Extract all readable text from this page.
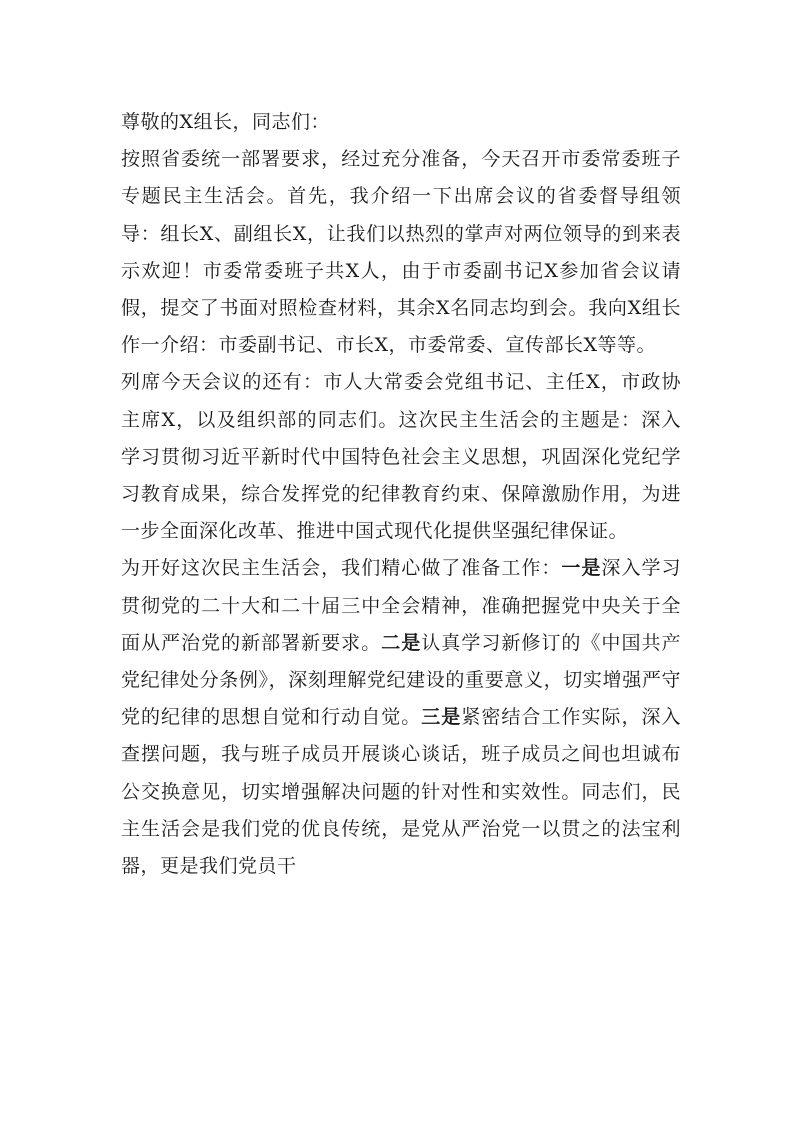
尊敬的X组长，同志们：

按照省委统一部署要求，经过充分准备，今天召开市委常委班子专题民主生活会。首先，我介绍一下出席会议的省委督导组领导：组长X、副组长X，让我们以热烈的掌声对两位领导的到来表示欢迎！市委常委班子共X人，由于市委副书记X参加省会议请假，提交了书面对照检查材料，其余X名同志均到会。我向X组长作一介绍：市委副书记、市长X，市委常委、宣传部长X等等。

列席今天会议的还有：市人大常委会党组书记、主任X，市政协主席X，以及组织部的同志们。这次民主生活会的主题是：深入学习贯彻习近平新时代中国特色社会主义思想，巩固深化党纪学习教育成果，综合发挥党的纪律教育约束、保障激励作用，为进一步全面深化改革、推进中国式现代化提供坚强纪律保证。

为开好这次民主生活会，我们精心做了准备工作：一是深入学习贯彻党的二十大和二十届三中全会精神，准确把握党中央关于全面从严治党的新部署新要求。二是认真学习新修订的《中国共产党纪律处分条例》，深刻理解党纪建设的重要意义，切实增强严守党的纪律的思想自觉和行动自觉。三是紧密结合工作实际，深入查摆问题，我与班子成员开展谈心谈话，班子成员之间也坦诚布公交换意见，切实增强解决问题的针对性和实效性。同志们，民主生活会是我们党的优良传统，是党从严治党一以贯之的法宝利器，更是我们党员干
